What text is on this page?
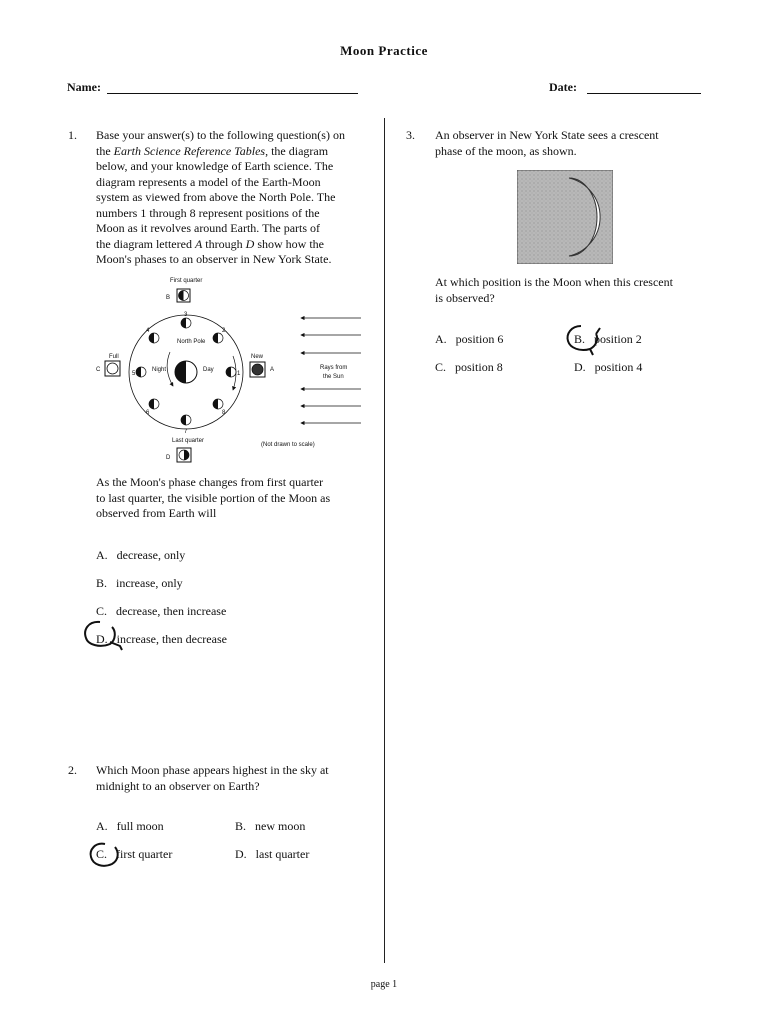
Moon Practice
Name:	Date:
1. Base your answer(s) to the following question(s) on
the Earth Science Reference Tables, the diagram
below, and your knowledge of Earth science. The
diagram represents a model of the Earth-Moon
system as viewed from above the North Pole. The
numbers 1 through 8 represent positions of the
Moon as it revolves around Earth. The parts of
the diagram lettered A through D show how the
Moon's phases to an observer in New York State.
First quarter
B
North Pole
Night	Day
1
2
3
4
5
6
7
8
Full
C
New
A	Rays from
the Sun
Last quarter
D
(Not drawn to scale)
As the Moon's phase changes from first quarter
to last quarter, the visible portion of the Moon as
observed from Earth will
A. decrease, only
B. increase, only
C. decrease, then increase
D. increase, then decrease
2. Which Moon phase appears highest in the sky at
midnight to an observer on Earth?
A. full moon	B. new moon
C. first quarter	D. last quarter
3. An observer in New York State sees a crescent
phase of the moon, as shown.
At which position is the Moon when this crescent
is observed?
A. position 6	B. position 2
C. position 8	D. position 4
page 1
